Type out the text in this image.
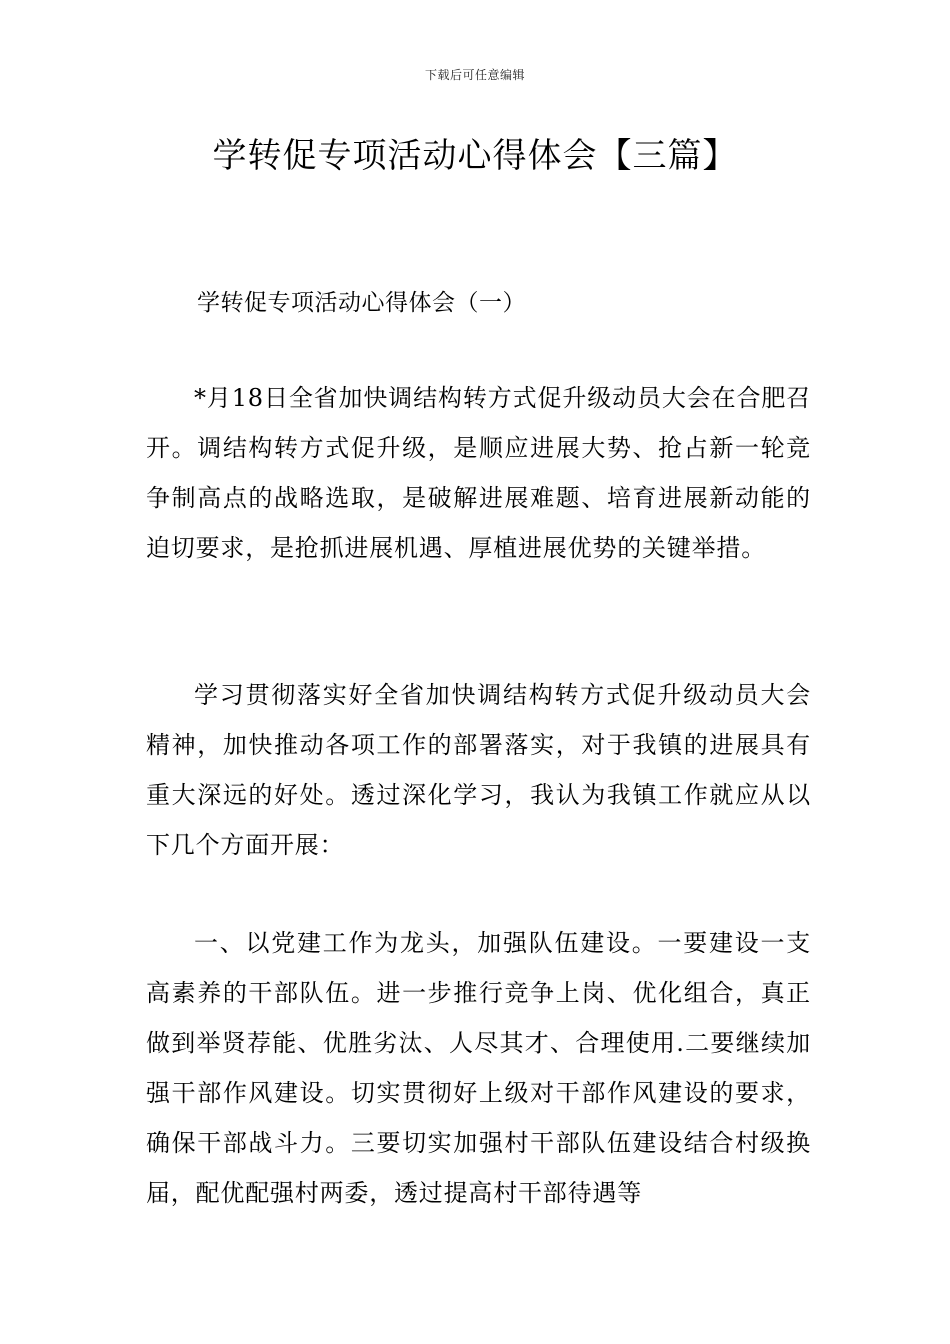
下载后可任意编辑
学转促专项活动心得体会【三篇】
学转促专项活动心得体会（一）

*月18日全省加快调结构转方式促升级动员大会在合肥召开。调结构转方式促升级，是顺应进展大势、抢占新一轮竞争制高点的战略选取，是破解进展难题、培育进展新动能的迫切要求，是抢抓进展机遇、厚植进展优势的关键举措。

学习贯彻落实好全省加快调结构转方式促升级动员大会精神，加快推动各项工作的部署落实，对于我镇的进展具有重大深远的好处。透过深化学习，我认为我镇工作就应从以下几个方面开展：

一、以党建工作为龙头，加强队伍建设。一要建设一支高素养的干部队伍。进一步推行竞争上岗、优化组合，真正做到举贤荐能、优胜劣汰、人尽其才、合理使用.二要继续加强干部作风建设。切实贯彻好上级对干部作风建设的要求，确保干部战斗力。三要切实加强村干部队伍建设结合村级换届，配优配强村两委，透过提高村干部待遇等
